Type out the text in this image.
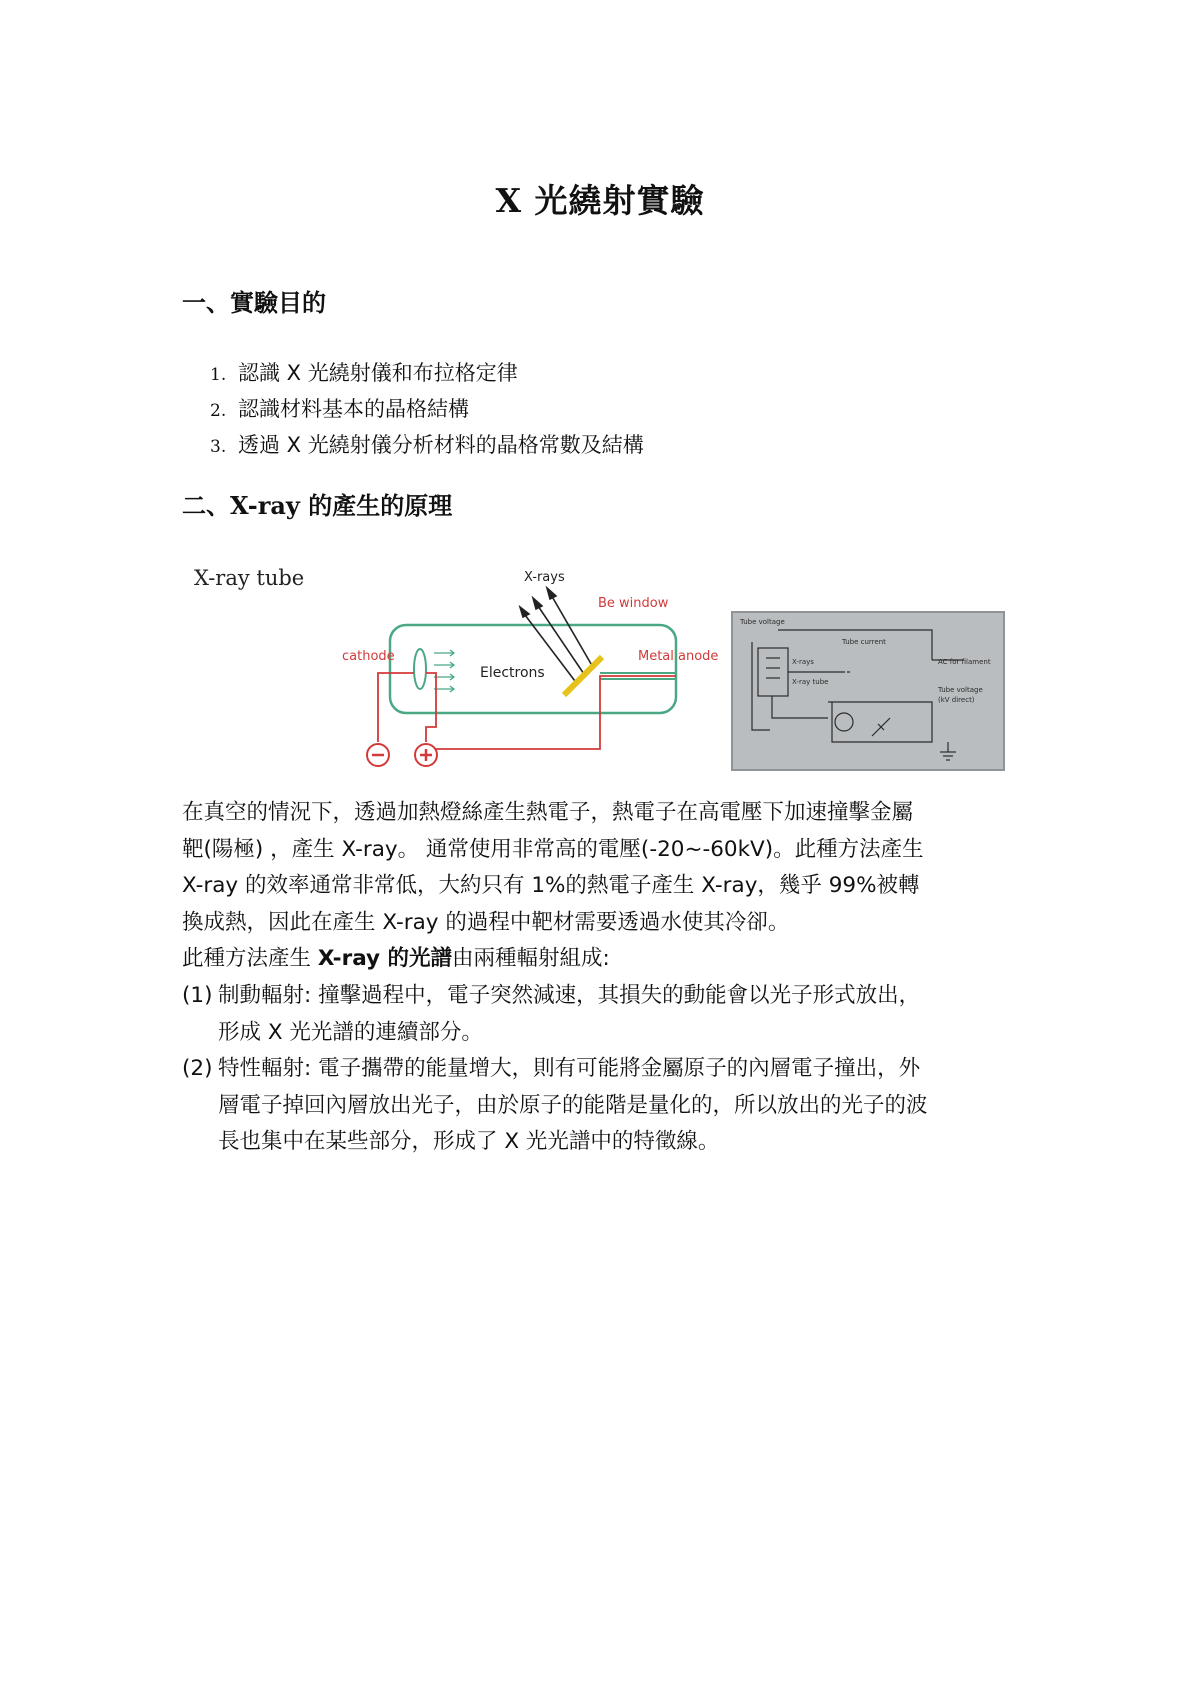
X 光繞射實驗
一、實驗目的
1. 認識 X 光繞射儀和布拉格定律
2. 認識材料基本的晶格結構
3. 透過 X 光繞射儀分析材料的晶格常數及結構
二、X-ray 的產生的原理
X-ray tube	X-rays
Be window
cathode	Metal anode
Electrons
Tube voltage
Tube current
X-rays
X-ray tube
AC for filament
Tube voltage
(kV direct)

在真空的情況下，透過加熱燈絲產生熱電子，熱電子在高電壓下加速撞擊金屬

靶(陽極) ，產生 X-ray。 通常使用非常高的電壓(-20~-60kV)。此種方法產生

X-ray 的效率通常非常低，大約只有 1%的熱電子產生 X-ray，幾乎 99%被轉

換成熱，因此在產生 X-ray 的過程中靶材需要透過水使其冷卻。

此種方法產生 X-ray 的光譜由兩種輻射組成:

(1) 制動輻射: 撞擊過程中，電子突然減速，其損失的動能會以光子形式放出，

形成 X 光光譜的連續部分。

(2) 特性輻射: 電子攜帶的能量增大，則有可能將金屬原子的內層電子撞出，外

層電子掉回內層放出光子，由於原子的能階是量化的，所以放出的光子的波

長也集中在某些部分，形成了 X 光光譜中的特徵線。
